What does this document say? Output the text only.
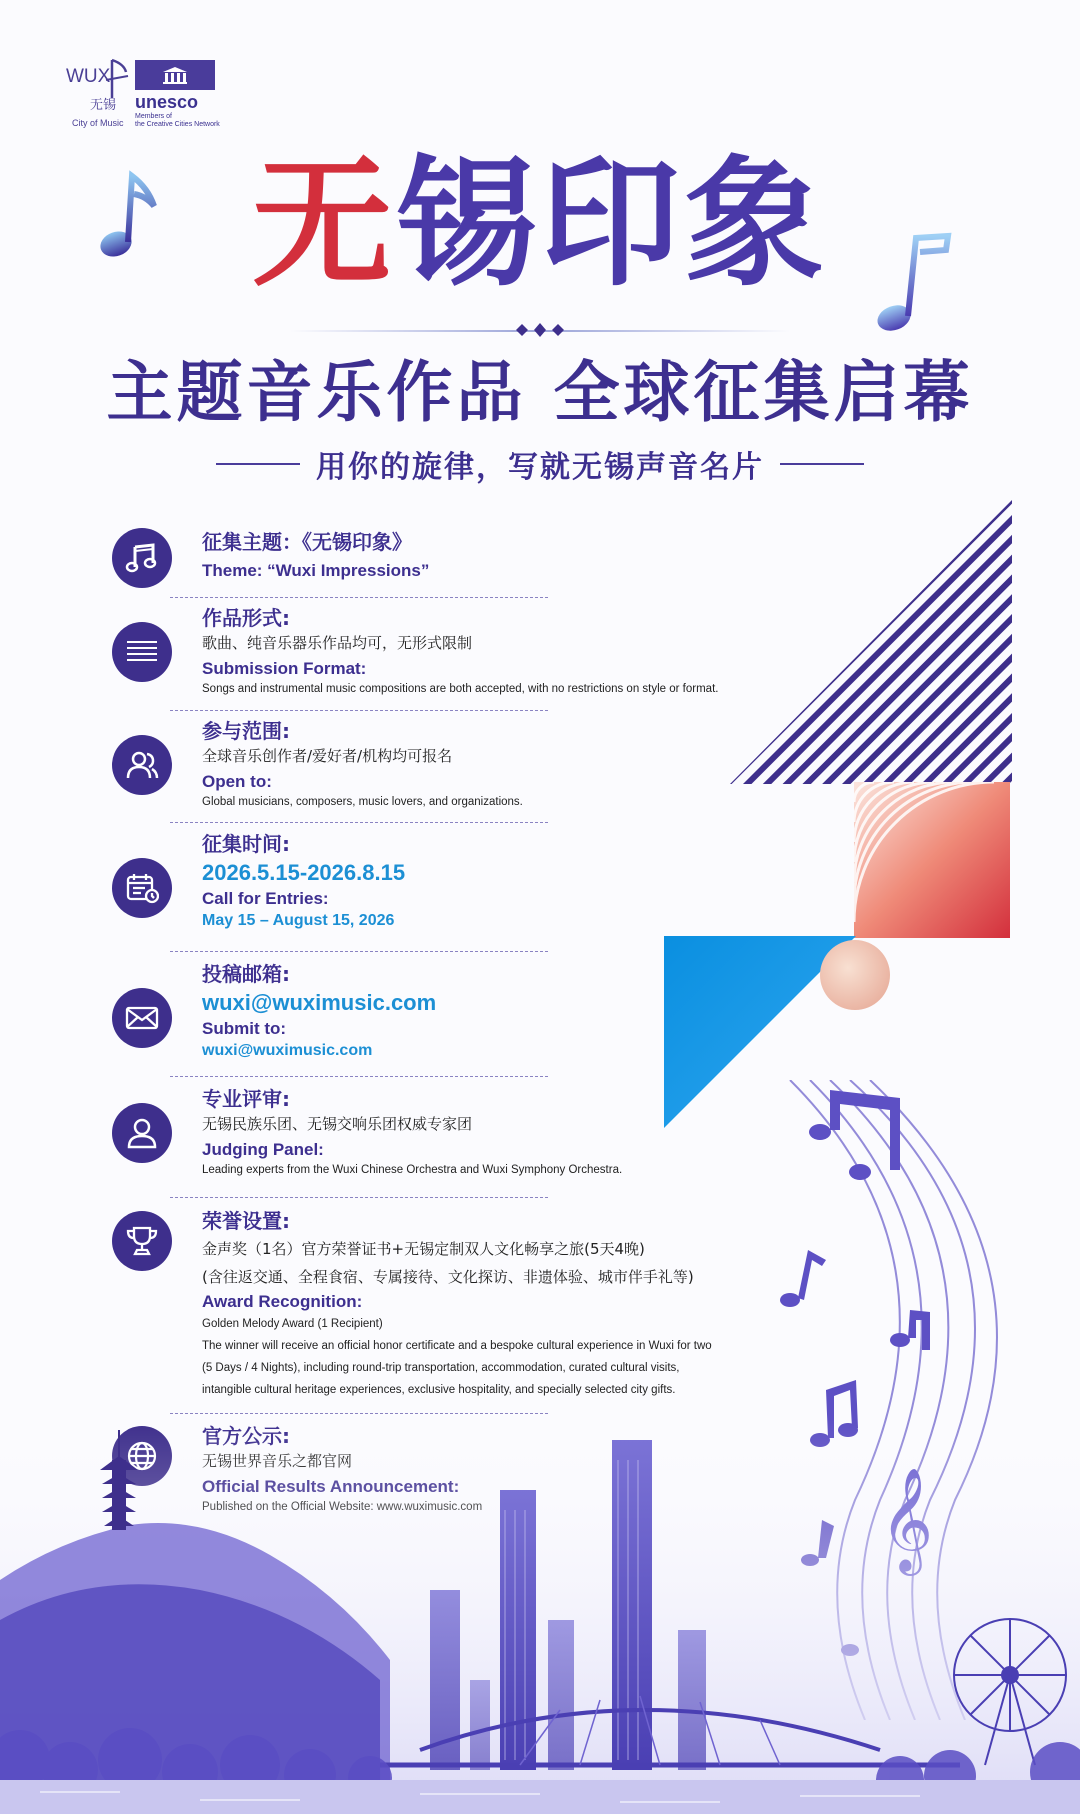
WUX
无锡
City of Music
unesco
Members of
the Creative Cities Network
无锡印象
主题音乐作品 全球征集启幕
用你的旋律，写就无锡声音名片
征集主题：《无锡印象》
Theme: “Wuxi Impressions”
作品形式:
歌曲、纯音乐器乐作品均可，无形式限制
Submission Format:
Songs and instrumental music compositions are both accepted, with no restrictions on style or format.
参与范围:
全球音乐创作者/爱好者/机构均可报名
Open to:
Global musicians, composers, music lovers, and organizations.
征集时间:
2026.5.15-2026.8.15
Call for Entries:
May 15 – August 15, 2026
投稿邮箱:
wuxi@wuximusic.com
Submit to:
wuxi@wuximusic.com
专业评审:
无锡民族乐团、无锡交响乐团权威专家团
Judging Panel:
Leading experts from the Wuxi Chinese Orchestra and Wuxi Symphony Orchestra.
荣誉设置:
金声奖（1名）官方荣誉证书+无锡定制双人文化畅享之旅(5天4晚)
(含往返交通、全程食宿、专属接待、文化探访、非遗体验、城市伴手礼等)
Award Recognition:
Golden Melody Award (1 Recipient)
The winner will receive an official honor certificate and a bespoke cultural experience in Wuxi for two
(5 Days / 4 Nights), including round-trip transportation, accommodation, curated cultural visits,
intangible cultural heritage experiences, exclusive hospitality, and specially selected city gifts.
